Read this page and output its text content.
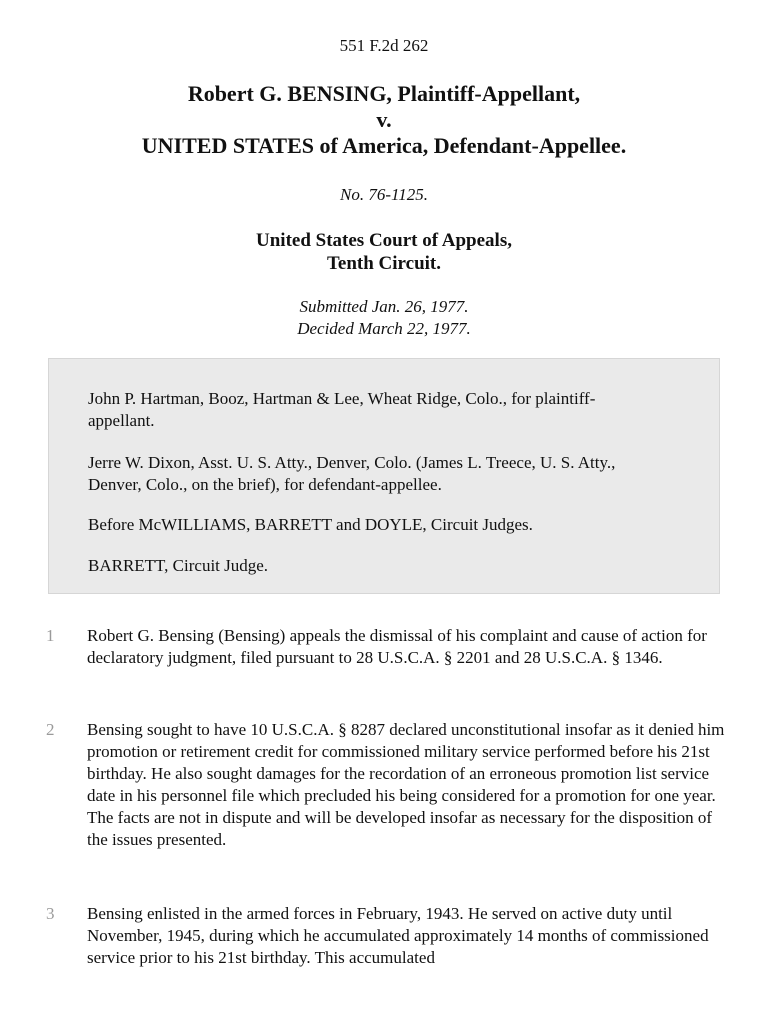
551 F.2d 262
Robert G. BENSING, Plaintiff-Appellant,
v.
UNITED STATES of America, Defendant-Appellee.
No. 76-1125.
United States Court of Appeals,
Tenth Circuit.
Submitted Jan. 26, 1977.
Decided March 22, 1977.

John P. Hartman, Booz, Hartman & Lee, Wheat Ridge, Colo., for plaintiff-appellant.

Jerre W. Dixon, Asst. U. S. Atty., Denver, Colo. (James L. Treece, U. S. Atty., Denver, Colo., on the brief), for defendant-appellee.

Before McWILLIAMS, BARRETT and DOYLE, Circuit Judges.

BARRETT, Circuit Judge.

1 Robert G. Bensing (Bensing) appeals the dismissal of his complaint and cause of action for declaratory judgment, filed pursuant to 28 U.S.C.A. § 2201 and 28 U.S.C.A. § 1346.

2 Bensing sought to have 10 U.S.C.A. § 8287 declared unconstitutional insofar as it denied him promotion or retirement credit for commissioned military service performed before his 21st birthday. He also sought damages for the recordation of an erroneous promotion list service date in his personnel file which precluded his being considered for a promotion for one year. The facts are not in dispute and will be developed insofar as necessary for the disposition of the issues presented.

3 Bensing enlisted in the armed forces in February, 1943. He served on active duty until November, 1945, during which he accumulated approximately 14 months of commissioned service prior to his 21st birthday. This accumulated
